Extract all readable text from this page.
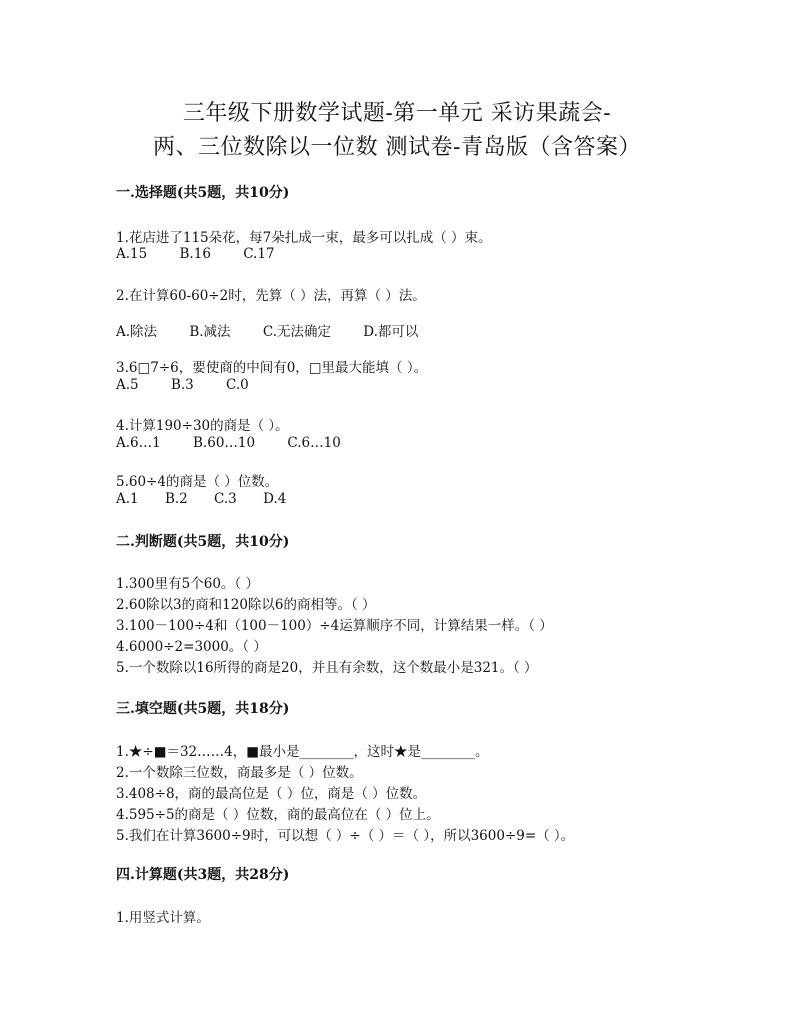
三年级下册数学试题-第一单元 采访果蔬会-
两、三位数除以一位数 测试卷-青岛版（含答案）
一.选择题(共5题，共10分)
1.花店进了115朵花，每7朵扎成一束，最多可以扎成（ ）束。
A.15 B.16 C.17
2.在计算60-60÷2时，先算（ ）法，再算（ ）法。
A.除法 B.减法 C.无法确定 D.都可以
3.6□7÷6，要使商的中间有0，□里最大能填（ ）。
A.5 B.3 C.0
4.计算190÷30的商是（ ）。
A.6…1 B.60…10 C.6…10
5.60÷4的商是（ ）位数。
A.1 B.2 C.3 D.4
二.判断题(共5题，共10分)
1.300里有5个60。（ ）
2.60除以3的商和120除以6的商相等。（ ）
3.100－100÷4和（100－100）÷4运算顺序不同，计算结果一样。（ ）
4.6000÷2=3000。（ ）
5.一个数除以16所得的商是20，并且有余数，这个数最小是321。（ ）
三.填空题(共5题，共18分)
1.★÷■＝32……4，■最小是________，这时★是________。
2.一个数除三位数，商最多是（ ）位数。
3.408÷8，商的最高位是（ ）位，商是（ ）位数。
4.595÷5的商是（ ）位数，商的最高位在（ ）位上。
5.我们在计算3600÷9时，可以想（ ）÷（ ）＝（ ），所以3600÷9=（ ）。
四.计算题(共3题，共28分)
1.用竖式计算。
